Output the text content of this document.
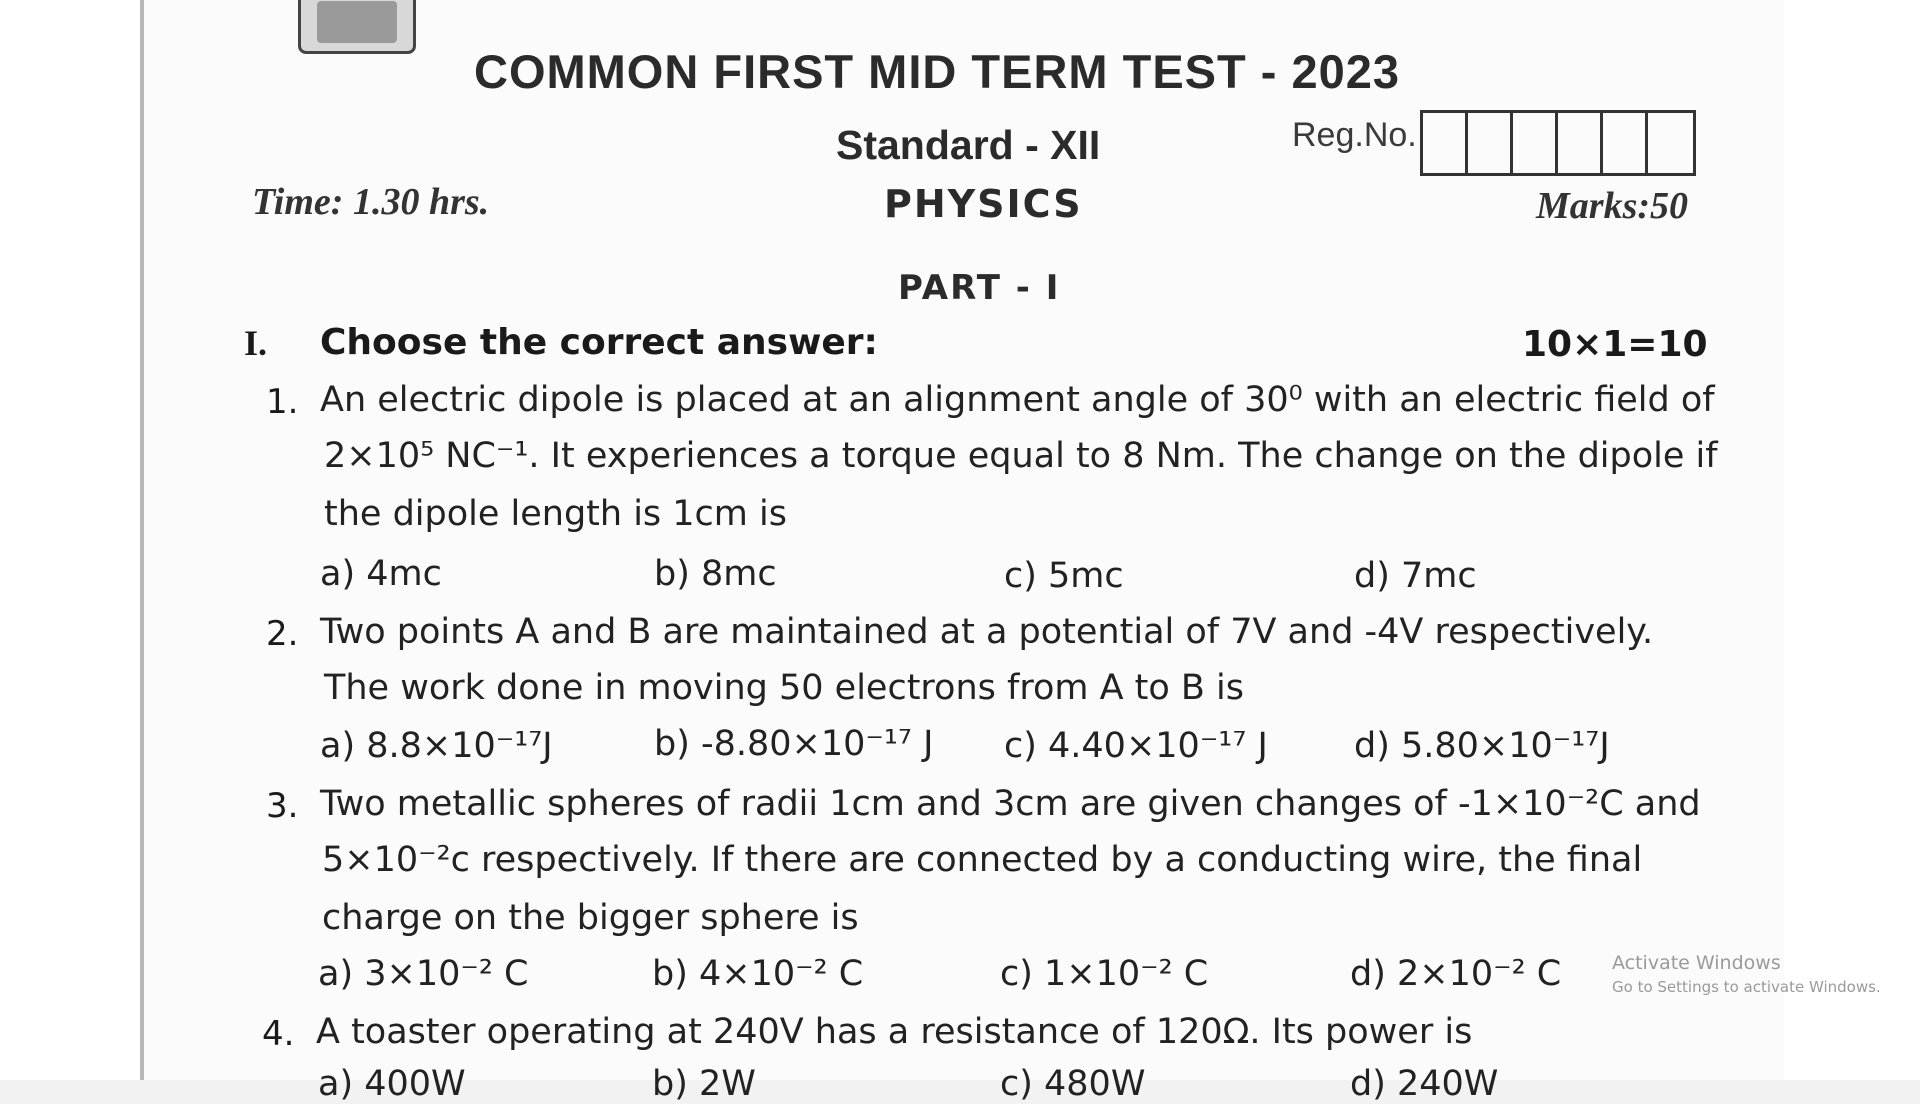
COMMON FIRST MID TERM TEST - 2023
Standard - XII	Reg.No.
Time: 1.30 hrs.	PHYSICS	Marks:50
PART - I
I. Choose the correct answer:	10×1=10
1. An electric dipole is placed at an alignment angle of 30⁰ with an electric field of
2×10⁵ NC⁻¹. It experiences a torque equal to 8 Nm. The change on the dipole if
the dipole length is 1cm is
a) 4mc	b) 8mc	c) 5mc	d) 7mc
2. Two points A and B are maintained at a potential of 7V and -4V respectively.
The work done in moving 50 electrons from A to B is
a) 8.8×10⁻¹⁷J	b) -8.80×10⁻¹⁷ J c) 4.40×10⁻¹⁷ J d) 5.80×10⁻¹⁷J
3. Two metallic spheres of radii 1cm and 3cm are given changes of -1×10⁻²C and
5×10⁻²c respectively. If there are connected by a conducting wire, the final
charge on the bigger sphere is
a) 3×10⁻² C	b) 4×10⁻² C	c) 1×10⁻² C	d) 2×10⁻² C
4. A toaster operating at 240V has a resistance of 120Ω. Its power is
a) 400W	b) 2W	c) 480W	d) 240W
Activate Windows
Go to Settings to activate Windows.
